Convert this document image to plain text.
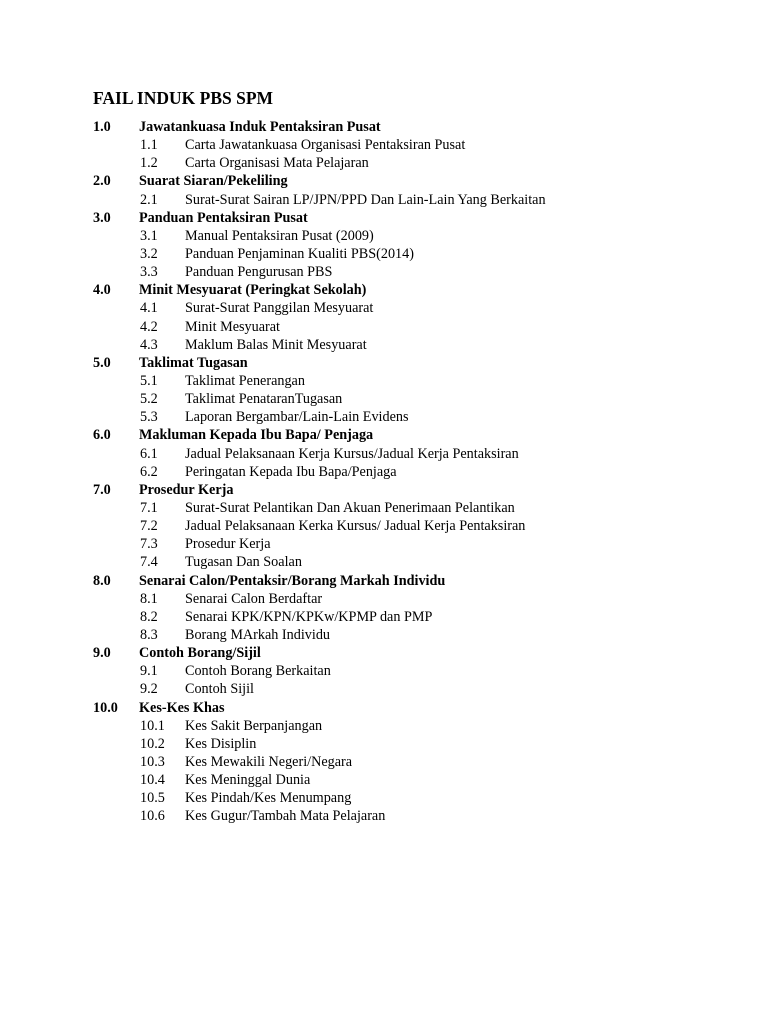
FAIL INDUK PBS SPM
1.0 Jawatankuasa Induk Pentaksiran Pusat
1.1 Carta Jawatankuasa Organisasi Pentaksiran Pusat
1.2 Carta Organisasi Mata Pelajaran
2.0 Suarat Siaran/Pekeliling
2.1 Surat-Surat Sairan LP/JPN/PPD Dan Lain-Lain Yang Berkaitan
3.0 Panduan Pentaksiran Pusat
3.1 Manual Pentaksiran Pusat (2009)
3.2 Panduan Penjaminan Kualiti PBS(2014)
3.3 Panduan Pengurusan PBS
4.0 Minit Mesyuarat (Peringkat Sekolah)
4.1 Surat-Surat Panggilan Mesyuarat
4.2 Minit Mesyuarat
4.3 Maklum Balas Minit Mesyuarat
5.0 Taklimat Tugasan
5.1 Taklimat Penerangan
5.2 Taklimat PenataranTugasan
5.3 Laporan Bergambar/Lain-Lain Evidens
6.0 Makluman Kepada Ibu Bapa/ Penjaga
6.1 Jadual Pelaksanaan Kerja Kursus/Jadual Kerja Pentaksiran
6.2 Peringatan Kepada Ibu Bapa/Penjaga
7.0 Prosedur Kerja
7.1 Surat-Surat Pelantikan Dan Akuan Penerimaan Pelantikan
7.2 Jadual Pelaksanaan Kerka Kursus/ Jadual Kerja Pentaksiran
7.3 Prosedur Kerja
7.4 Tugasan Dan Soalan
8.0 Senarai Calon/Pentaksir/Borang Markah Individu
8.1 Senarai Calon Berdaftar
8.2 Senarai KPK/KPN/KPKw/KPMP dan PMP
8.3 Borang MArkah Individu
9.0 Contoh Borang/Sijil
9.1 Contoh Borang Berkaitan
9.2 Contoh Sijil
10.0 Kes-Kes Khas
10.1 Kes Sakit Berpanjangan
10.2 Kes Disiplin
10.3 Kes Mewakili Negeri/Negara
10.4 Kes Meninggal Dunia
10.5 Kes Pindah/Kes Menumpang
10.6 Kes Gugur/Tambah Mata Pelajaran
